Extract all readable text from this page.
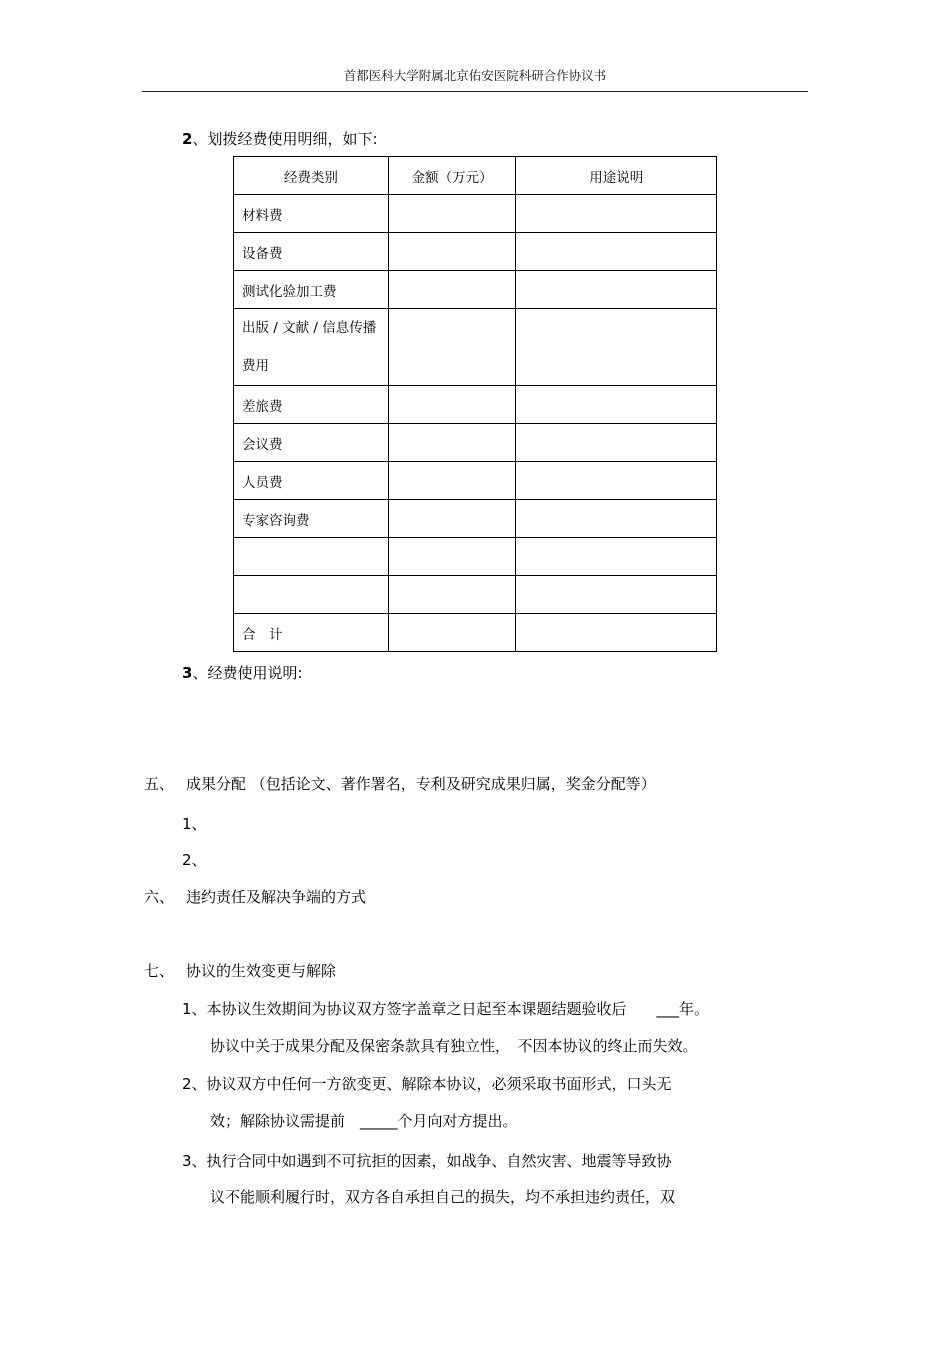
首都医科大学附属北京佑安医院科研合作协议书
2、划拨经费使用明细，如下:
经费类别	金额（万元）	用途说明
材料费		
设备费		
测试化验加工费		
出版 / 文献 / 信息传播费用		
差旅费		
会议费		
人员费		
专家咨询费		

合　计		
3、经费使用说明:
五、 成果分配 （包括论文、著作署名，专利及研究成果归属，奖金分配等）
1、
2、
六、 违约责任及解决争端的方式
七、 协议的生效变更与解除
1、本协议生效期间为协议双方签字盖章之日起至本课题结题验收后　　___年。
协议中关于成果分配及保密条款具有独立性，　不因本协议的终止而失效。
2、协议双方中任何一方欲变更、解除本协议，必须采取书面形式，口头无
效；解除协议需提前　_____个月向对方提出。
3、执行合同中如遇到不可抗拒的因素，如战争、自然灾害、地震等导致协
议不能顺利履行时，双方各自承担自己的损失，均不承担违约责任，双
